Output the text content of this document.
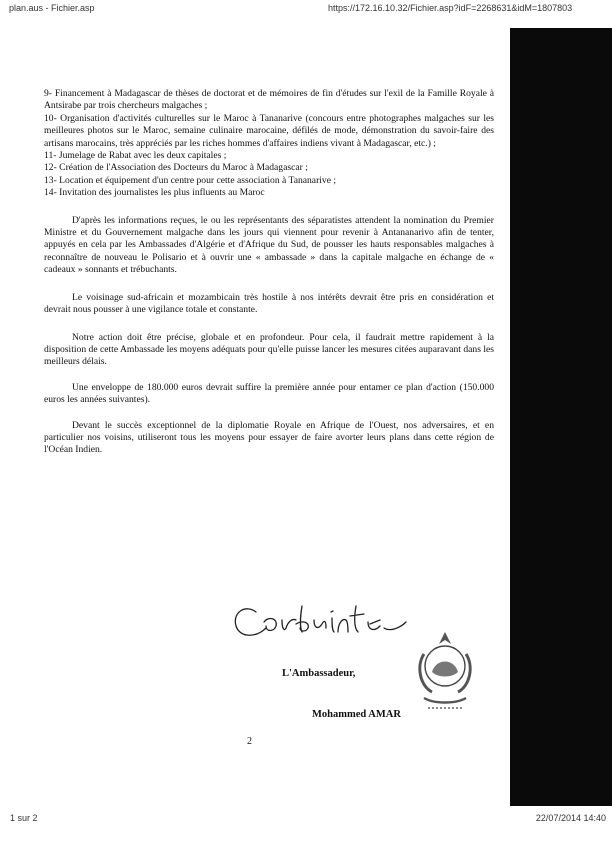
plan.aus - Fichier.asp	https://172.16.10.32/Fichier.asp?idF=2268631&idM=1807803

9- Financement à Madagascar de thèses de doctorat et de mémoires de fin d'études sur l'exil de la Famille Royale à Antsirabe par trois chercheurs malgaches ;

10- Organisation d'activités culturelles sur le Maroc à Tananarive (concours entre photographes malgaches sur les meilleures photos sur le Maroc, semaine culinaire marocaine, défilés de mode, démonstration du savoir-faire des artisans marocains, très appréciés par les riches hommes d'affaires indiens vivant à Madagascar, etc.) ;

11- Jumelage de Rabat avec les deux capitales ;

12- Création de l'Association des Docteurs du Maroc à Madagascar ;

13- Location et équipement d'un centre pour cette association à Tananarive ;

14- Invitation des journalistes les plus influents au Maroc

D'après les informations reçues, le ou les représentants des séparatistes attendent la nomination du Premier Ministre et du Gouvernement malgache dans les jours qui viennent pour revenir à Antananarivo afin de tenter, appuyés en cela par les Ambassades d'Algérie et d'Afrique du Sud, de pousser les hauts responsables malgaches à reconnaître de nouveau le Polisario et à ouvrir une « ambassade » dans la capitale malgache en échange de « cadeaux » sonnants et trébuchants.

Le voisinage sud-africain et mozambicain très hostile à nos intérêts devrait être pris en considération et devrait nous pousser à une vigilance totale et constante.

Notre action doit être précise, globale et en profondeur. Pour cela, il faudrait mettre rapidement à la disposition de cette Ambassade les moyens adéquats pour qu'elle puisse lancer les mesures citées auparavant dans les meilleurs délais.

Une enveloppe de 180.000 euros devrait suffire la première année pour entamer ce plan d'action (150.000 euros les années suivantes).

Devant le succès exceptionnel de la diplomatie Royale en Afrique de l'Ouest, nos adversaires, et en particulier nos voisins, utiliseront tous les moyens pour essayer de faire avorter leurs plans dans cette région de l'Océan Indien.

L'Ambassadeur,
Mohammed AMAR
2
1 sur 2	22/07/2014 14:40
